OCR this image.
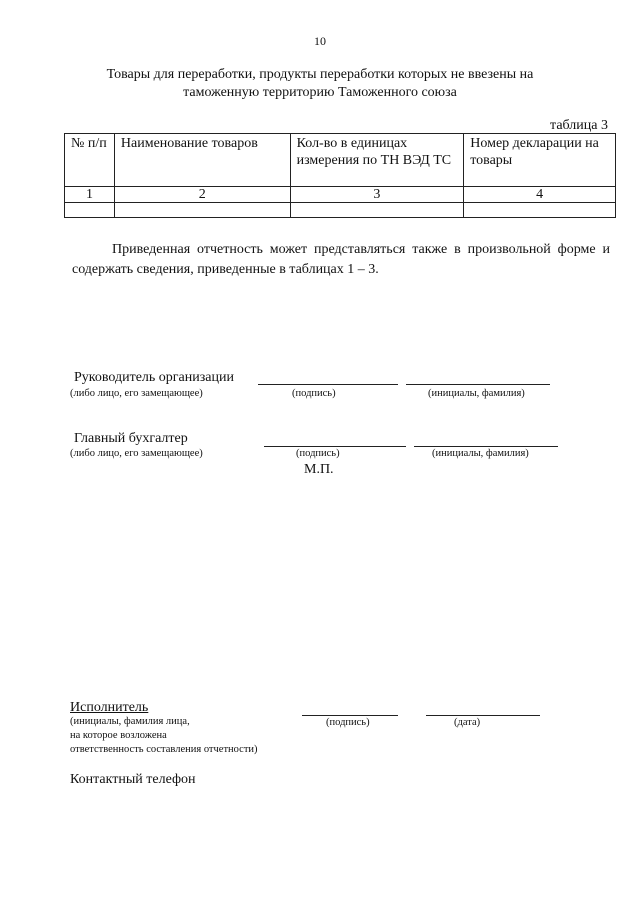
10
Товары для переработки, продукты переработки которых не ввезены на
таможенную территорию Таможенного союза
таблица 3
№ п/п	Наименование товаров	Кол-во в единицах измерения по ТН ВЭД ТС	Номер декларации на товары
1	2	3	4

Приведенная отчетность может представляться также в произвольной форме и содержать сведения, приведенные в таблицах 1 – 3.
Руководитель организации
(либо лицо, его замещающее)	(подпись)	(инициалы, фамилия)
Главный бухгалтер
(либо лицо, его замещающее)	(подпись)	(инициалы, фамилия)
М.П.
Исполнитель
(инициалы, фамилия лица,
на которое возложена
ответственность составления отчетности)
(подпись)	(дата)
Контактный телефон
